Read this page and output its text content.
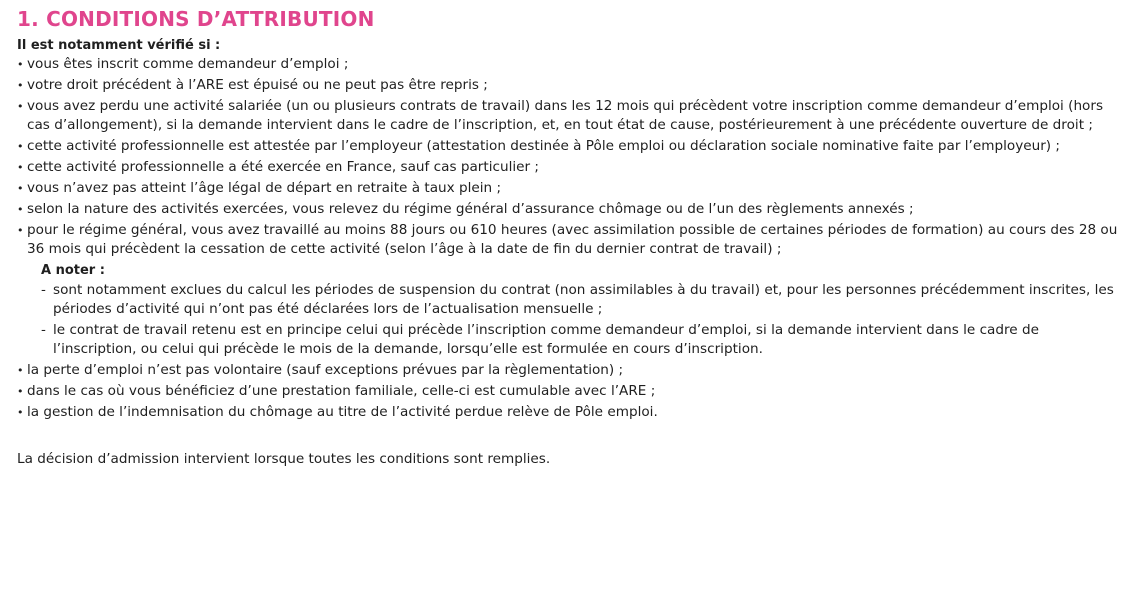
1. CONDITIONS D’ATTRIBUTION

Il est notamment vérifié si :

• vous êtes inscrit comme demandeur d’emploi ;
• votre droit précédent à l’ARE est épuisé ou ne peut pas être repris ;
• vous avez perdu une activité salariée (un ou plusieurs contrats de travail) dans les 12 mois qui précèdent votre inscription comme demandeur d’emploi (hors cas d’allongement), si la demande intervient dans le cadre de l’inscription, et, en tout état de cause, postérieurement à une précédente ouverture de droit ;
• cette activité professionnelle est attestée par l’employeur (attestation destinée à Pôle emploi ou déclaration sociale nominative faite par l’employeur) ;
• cette activité professionnelle a été exercée en France, sauf cas particulier ;
• vous n’avez pas atteint l’âge légal de départ en retraite à taux plein ;
• selon la nature des activités exercées, vous relevez du régime général d’assurance chômage ou de l’un des règlements annexés ;
• pour le régime général, vous avez travaillé au moins 88 jours ou 610 heures (avec assimilation possible de certaines périodes de formation) au cours des 28 ou 36 mois qui précèdent la cessation de cette activité (selon l’âge à la date de fin du dernier contrat de travail) ;
A noter :
- sont notamment exclues du calcul les périodes de suspension du contrat (non assimilables à du travail) et, pour les personnes précédemment inscrites, les périodes d’activité qui n’ont pas été déclarées lors de l’actualisation mensuelle ;
- le contrat de travail retenu est en principe celui qui précède l’inscription comme demandeur d’emploi, si la demande intervient dans le cadre de l’inscription, ou celui qui précède le mois de la demande, lorsqu’elle est formulée en cours d’inscription.
• la perte d’emploi n’est pas volontaire (sauf exceptions prévues par la règlementation) ;
• dans le cas où vous bénéficiez d’une prestation familiale, celle-ci est cumulable avec l’ARE ;
• la gestion de l’indemnisation du chômage au titre de l’activité perdue relève de Pôle emploi.

La décision d’admission intervient lorsque toutes les conditions sont remplies.
